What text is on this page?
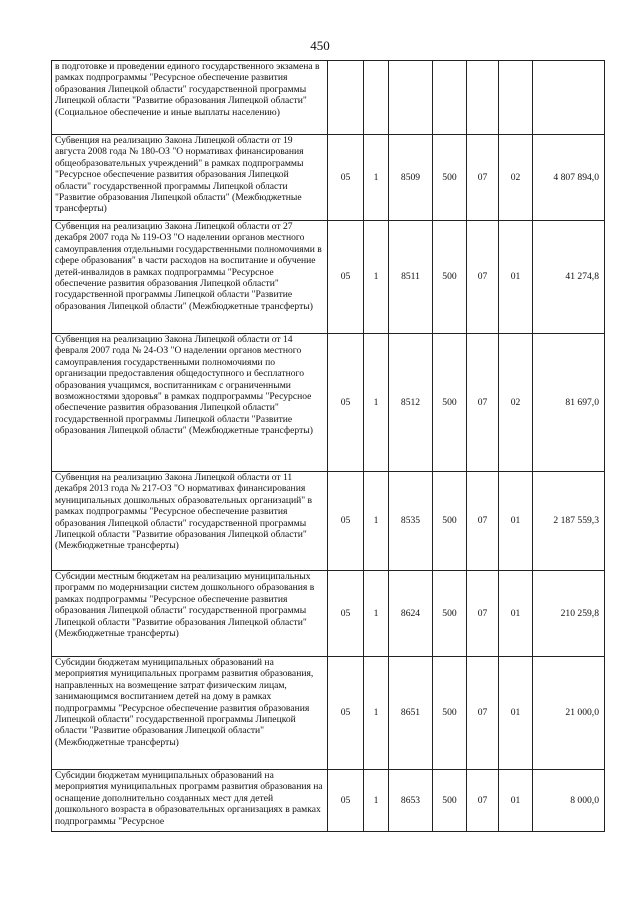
450
в подготовке и проведении единого государственного экзамена в рамках подпрограммы "Ресурсное обеспечение развития образования Липецкой области" государственной программы Липецкой области "Развитие образования Липецкой области" (Социальное обеспечение и иные выплаты населению)							
Субвенция на реализацию Закона Липецкой области от 19 августа 2008 года № 180-ОЗ "О нормативах финансирования общеобразовательных учреждений" в рамках подпрограммы "Ресурсное обеспечение развития образования Липецкой области" государственной программы Липецкой области "Развитие образования Липецкой области" (Межбюджетные трансферты)	05	1	8509	500	07	02	4 807 894,0
Субвенция на реализацию Закона Липецкой области от 27 декабря 2007 года № 119-ОЗ "О наделении органов местного самоуправления отдельными государственными полномочиями в сфере образования" в части расходов на воспитание и обучение детей-инвалидов в рамках подпрограммы "Ресурсное обеспечение развития образования Липецкой области" государственной программы Липецкой области "Развитие образования Липецкой области" (Межбюджетные трансферты)	05	1	8511	500	07	01	41 274,8
Субвенция на реализацию Закона Липецкой области от 14 февраля 2007 года № 24-ОЗ "О наделении органов местного самоуправления государственными полномочиями по организации предоставления общедоступного и бесплатного образования учащимся, воспитанникам с ограниченными возможностями здоровья" в рамках подпрограммы "Ресурсное обеспечение развития образования Липецкой области" государственной программы Липецкой области "Развитие образования Липецкой области" (Межбюджетные трансферты)	05	1	8512	500	07	02	81 697,0
Субвенция на реализацию Закона Липецкой области от 11 декабря 2013 года № 217-ОЗ "О нормативах финансирования муниципальных дошкольных образовательных организаций" в рамках подпрограммы "Ресурсное обеспечение развития образования Липецкой области" государственной программы Липецкой области "Развитие образования Липецкой области" (Межбюджетные трансферты)	05	1	8535	500	07	01	2 187 559,3
Субсидии местным бюджетам на реализацию муниципальных программ по модернизации систем дошкольного образования в рамках подпрограммы "Ресурсное обеспечение развития образования Липецкой области" государственной программы Липецкой области "Развитие образования Липецкой области" (Межбюджетные трансферты)	05	1	8624	500	07	01	210 259,8
Субсидии бюджетам муниципальных образований на мероприятия муниципальных программ развития образования, направленных на возмещение затрат физическим лицам, занимающимся воспитанием детей на дому в рамках подпрограммы "Ресурсное обеспечение развития образования Липецкой области" государственной программы Липецкой области "Развитие образования Липецкой области" (Межбюджетные трансферты)	05	1	8651	500	07	01	21 000,0
Субсидии бюджетам муниципальных образований на мероприятия муниципальных программ развития образования на оснащение дополнительно созданных мест для детей дошкольного возраста в образовательных организациях в рамках подпрограммы "Ресурсное	05	1	8653	500	07	01	8 000,0
